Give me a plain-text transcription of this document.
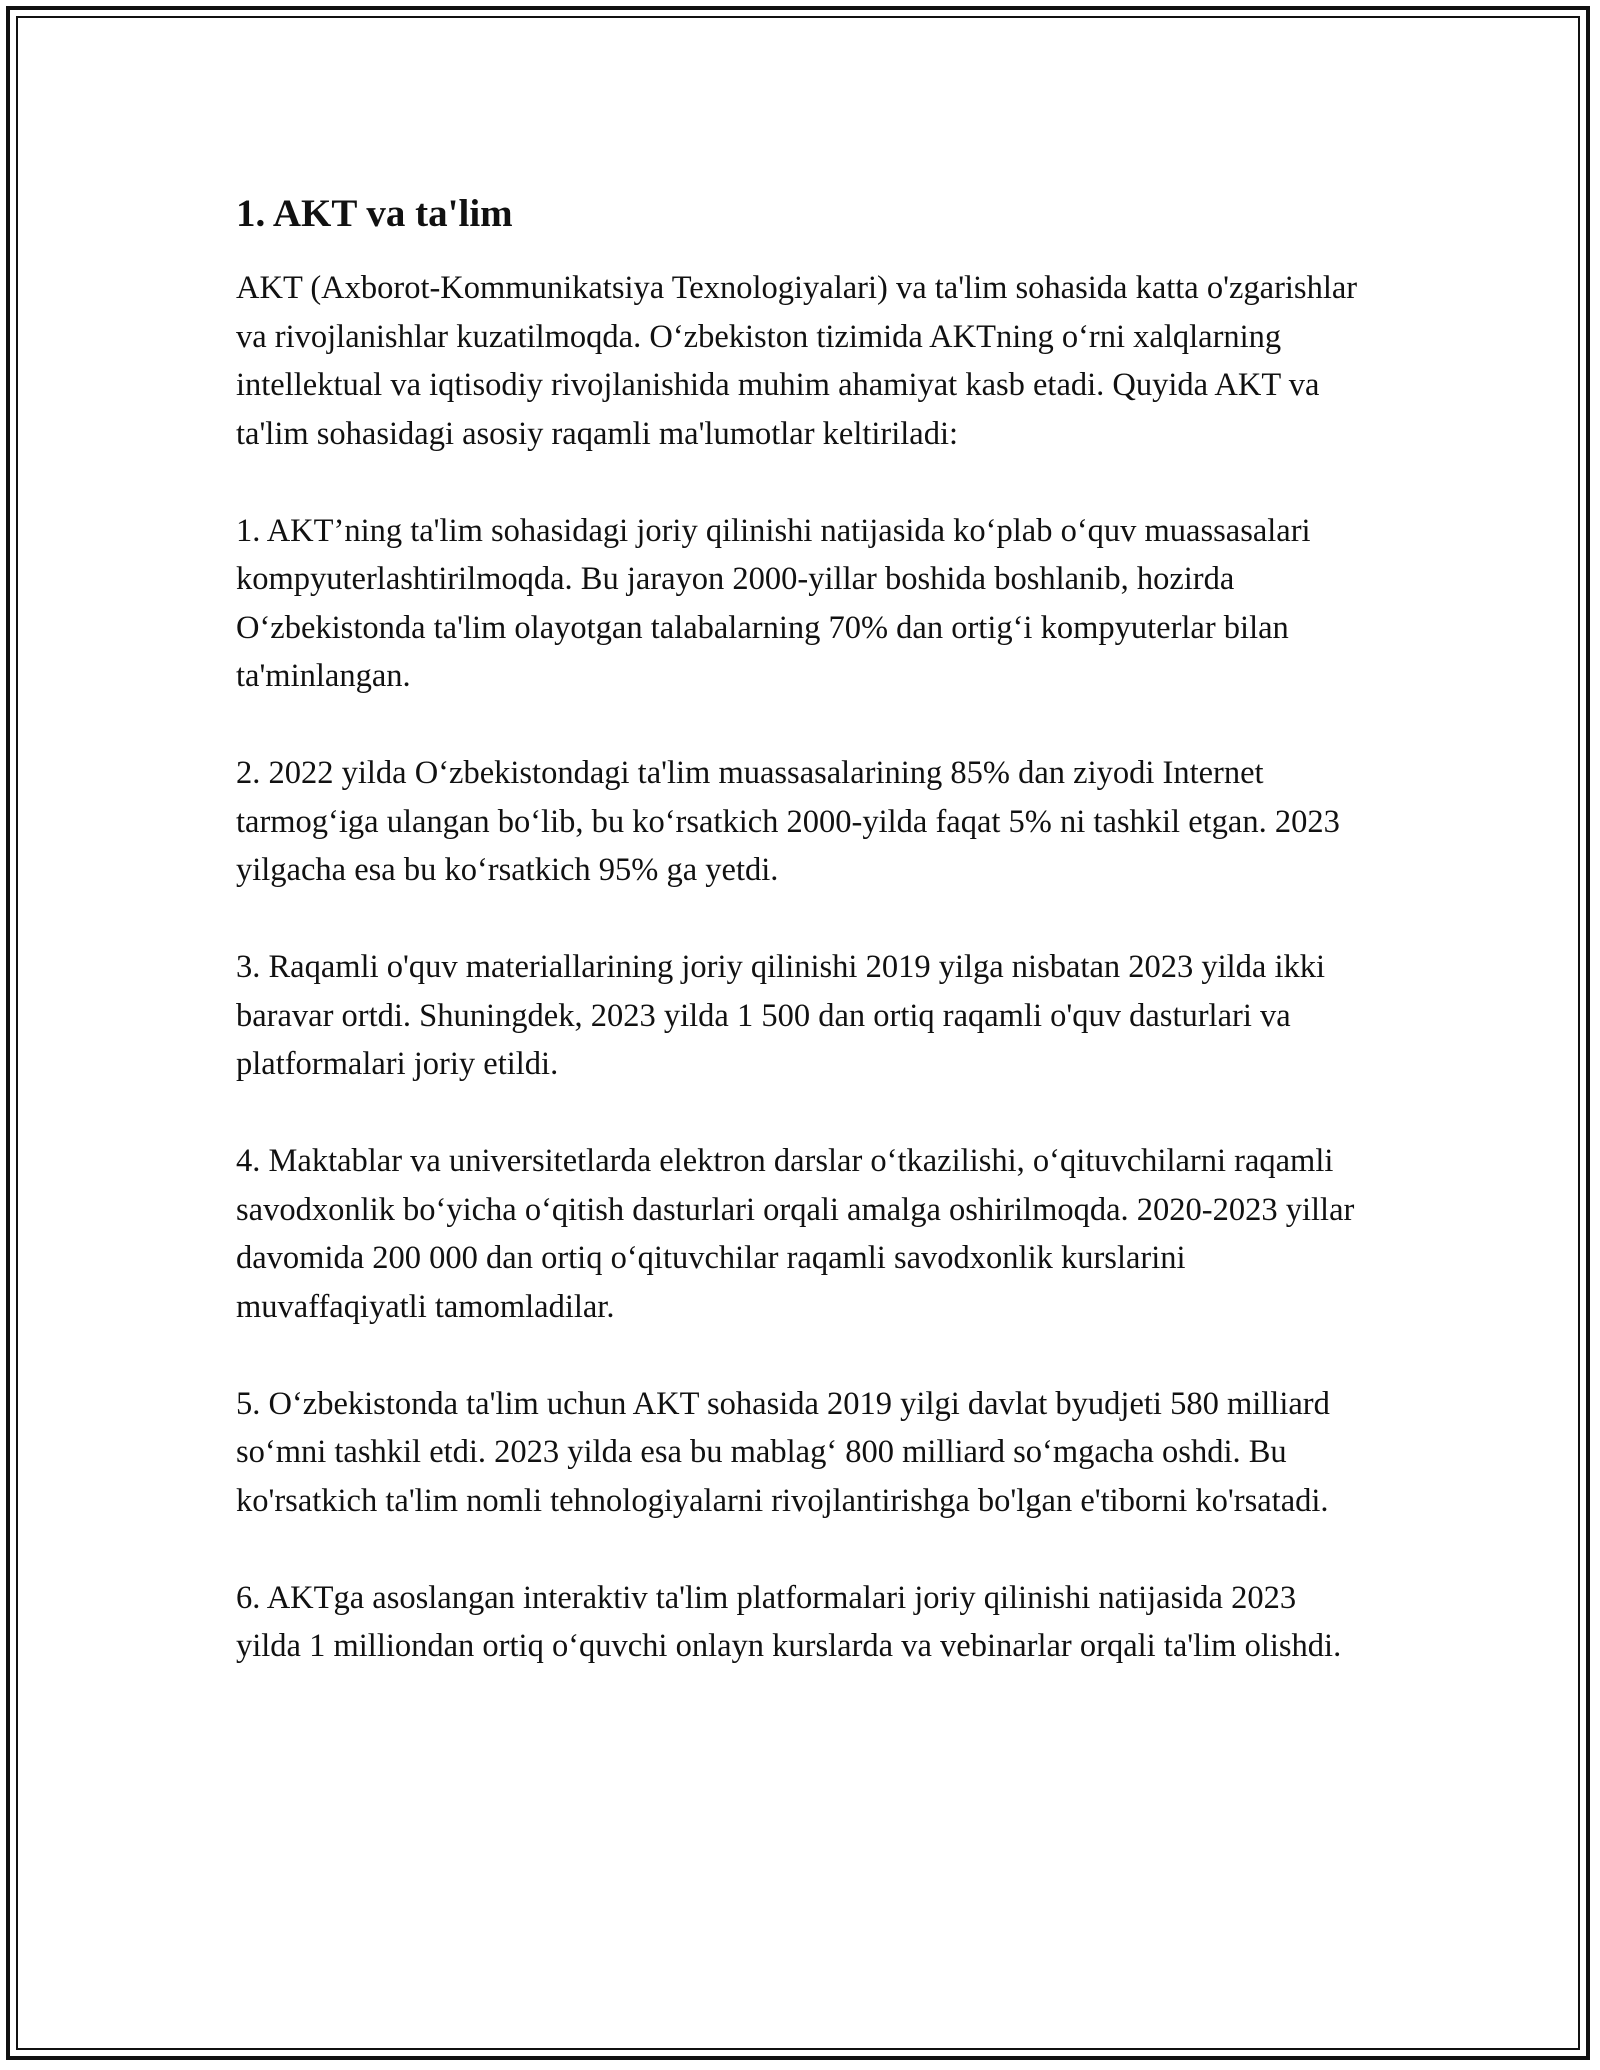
1. AKT va ta'lim

AKT (Axborot-Kommunikatsiya Texnologiyalari) va ta'lim sohasida katta o'zgarishlar va rivojlanishlar kuzatilmoqda. O‘zbekiston tizimida AKTning o‘rni xalqlarning intellektual va iqtisodiy rivojlanishida muhim ahamiyat kasb etadi. Quyida AKT va ta'lim sohasidagi asosiy raqamli ma'lumotlar keltiriladi:

1. AKT’ning ta'lim sohasidagi joriy qilinishi natijasida ko‘plab o‘quv muassasalari kompyuterlashtirilmoqda. Bu jarayon 2000-yillar boshida boshlanib, hozirda O‘zbekistonda ta'lim olayotgan talabalarning 70% dan ortig‘i kompyuterlar bilan ta'minlangan.

2. 2022 yilda O‘zbekistondagi ta'lim muassasalarining 85% dan ziyodi Internet tarmog‘iga ulangan bo‘lib, bu ko‘rsatkich 2000-yilda faqat 5% ni tashkil etgan. 2023 yilgacha esa bu ko‘rsatkich 95% ga yetdi.

3. Raqamli o'quv materiallarining joriy qilinishi 2019 yilga nisbatan 2023 yilda ikki baravar ortdi. Shuningdek, 2023 yilda 1 500 dan ortiq raqamli o'quv dasturlari va platformalari joriy etildi.

4. Maktablar va universitetlarda elektron darslar o‘tkazilishi, o‘qituvchilarni raqamli savodxonlik bo‘yicha o‘qitish dasturlari orqali amalga oshirilmoqda. 2020-2023 yillar davomida 200 000 dan ortiq o‘qituvchilar raqamli savodxonlik kurslarini muvaffaqiyatli tamomladilar.

5. O‘zbekistonda ta'lim uchun AKT sohasida 2019 yilgi davlat byudjeti 580 milliard so‘mni tashkil etdi. 2023 yilda esa bu mablag‘ 800 milliard so‘mgacha oshdi. Bu ko'rsatkich ta'lim nomli tehnologiyalarni rivojlantirishga bo'lgan e'tiborni ko'rsatadi.

6. AKTga asoslangan interaktiv ta'lim platformalari joriy qilinishi natijasida 2023 yilda 1 milliondan ortiq o‘quvchi onlayn kurslarda va vebinarlar orqali ta'lim olishdi.
